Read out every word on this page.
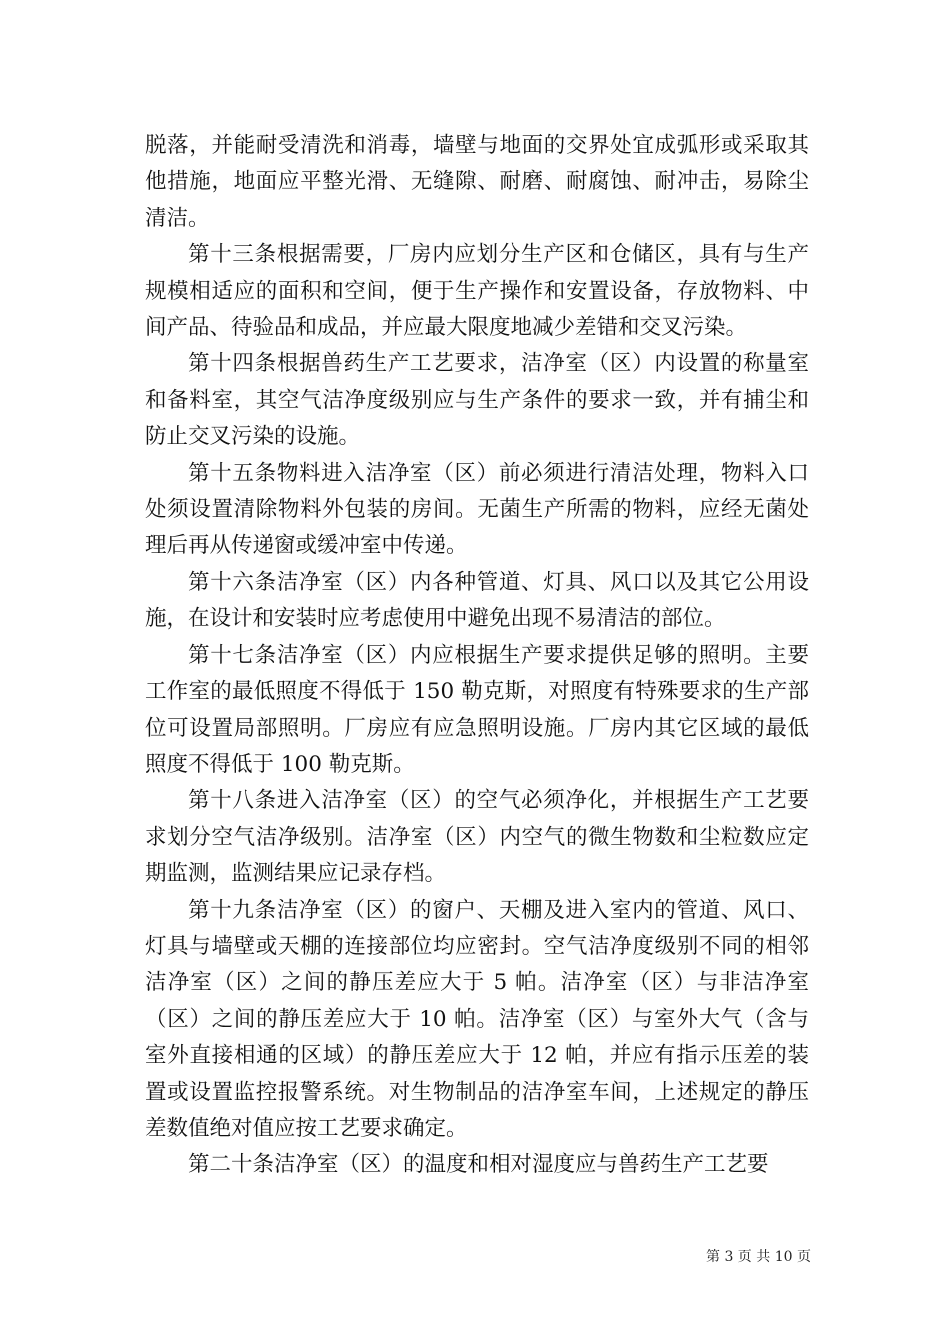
脱落，并能耐受清洗和消毒，墙壁与地面的交界处宜成弧形或采取其他措施，地面应平整光滑、无缝隙、耐磨、耐腐蚀、耐冲击，易除尘清洁。

第十三条根据需要，厂房内应划分生产区和仓储区，具有与生产规模相适应的面积和空间，便于生产操作和安置设备，存放物料、中间产品、待验品和成品，并应最大限度地减少差错和交叉污染。

第十四条根据兽药生产工艺要求，洁净室（区）内设置的称量室和备料室，其空气洁净度级别应与生产条件的要求一致，并有捕尘和防止交叉污染的设施。

第十五条物料进入洁净室（区）前必须进行清洁处理，物料入口处须设置清除物料外包装的房间。无菌生产所需的物料，应经无菌处理后再从传递窗或缓冲室中传递。

第十六条洁净室（区）内各种管道、灯具、风口以及其它公用设施，在设计和安装时应考虑使用中避免出现不易清洁的部位。

第十七条洁净室（区）内应根据生产要求提供足够的照明。主要工作室的最低照度不得低于 150 勒克斯，对照度有特殊要求的生产部位可设置局部照明。厂房应有应急照明设施。厂房内其它区域的最低照度不得低于 100 勒克斯。

第十八条进入洁净室（区）的空气必须净化，并根据生产工艺要求划分空气洁净级别。洁净室（区）内空气的微生物数和尘粒数应定期监测，监测结果应记录存档。

第十九条洁净室（区）的窗户、天棚及进入室内的管道、风口、灯具与墙壁或天棚的连接部位均应密封。空气洁净度级别不同的相邻洁净室（区）之间的静压差应大于 5 帕。洁净室（区）与非洁净室（区）之间的静压差应大于 10 帕。洁净室（区）与室外大气（含与室外直接相通的区域）的静压差应大于 12 帕，并应有指示压差的装置或设置监控报警系统。对生物制品的洁净室车间，上述规定的静压差数值绝对值应按工艺要求确定。

第二十条洁净室（区）的温度和相对湿度应与兽药生产工艺要

第 3 页 共 10 页
